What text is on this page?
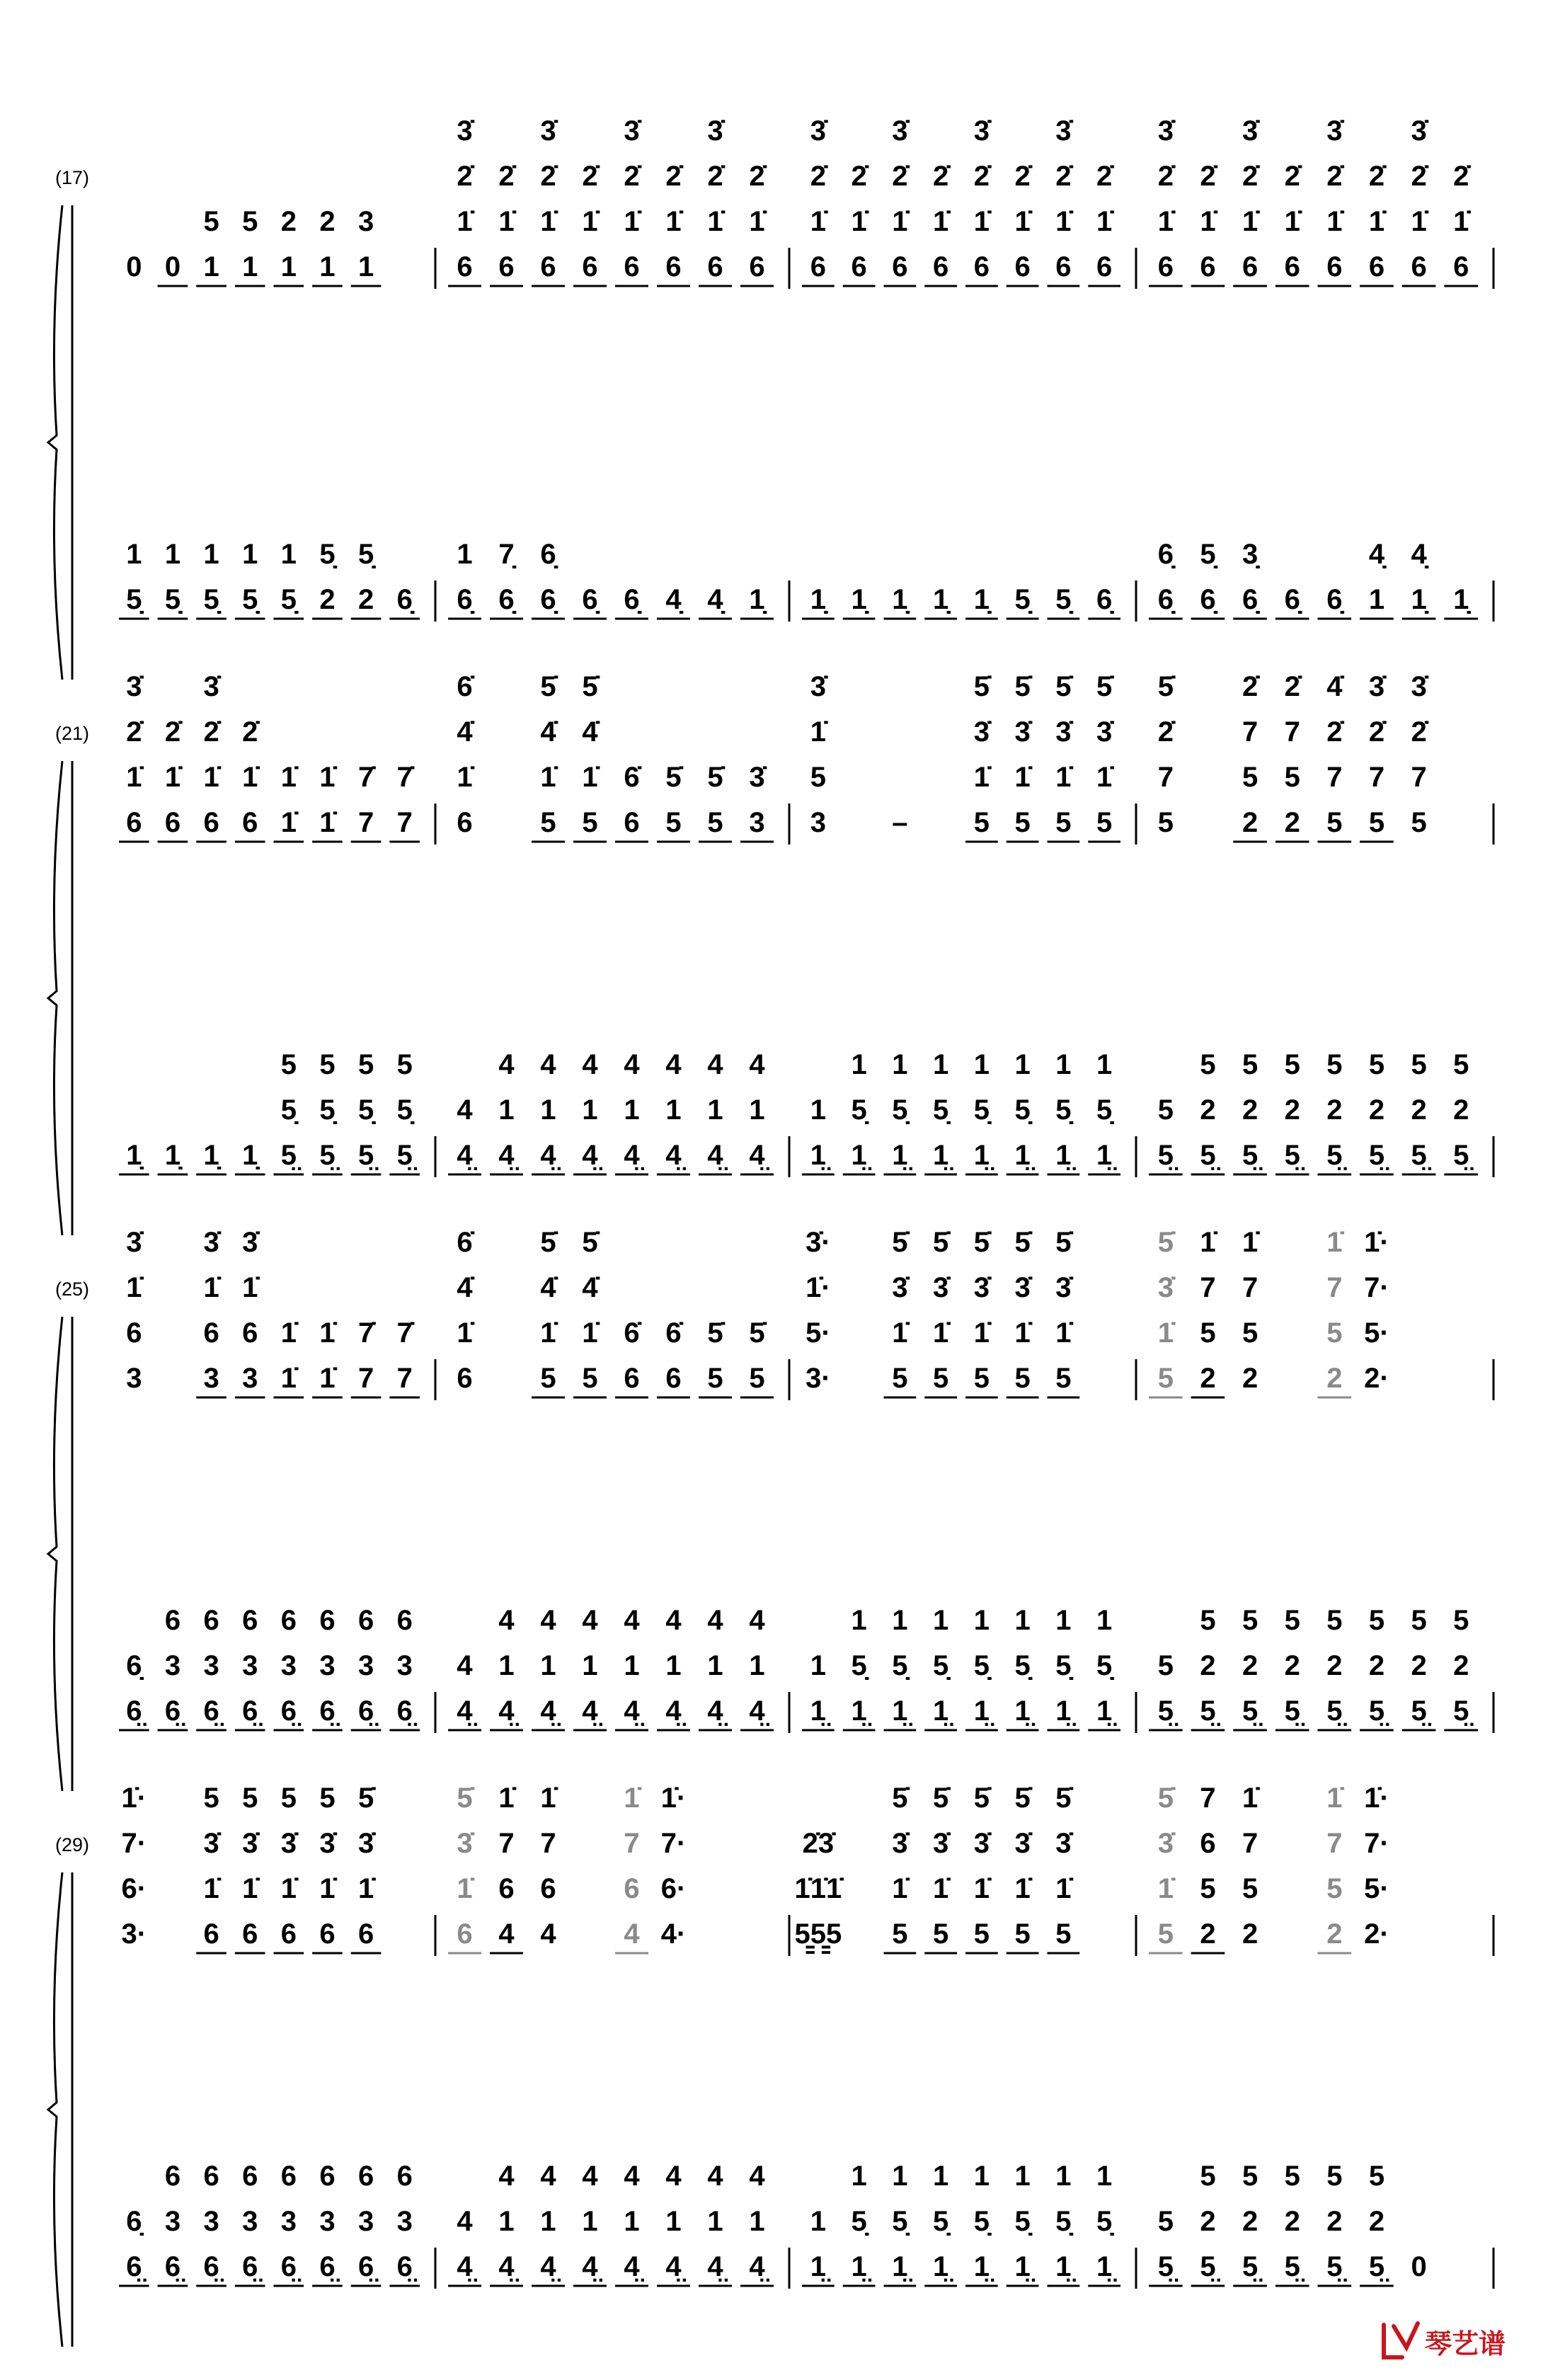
(17)
0 0 1
5
1
5
1
2
1
2
1
3
6
1̇
2̇
3̇
6
1̇
2̇
6
1̇
2̇
3̇
6
1̇
2̇
6
1̇
2̇
3̇
6
1̇
2̇
6
1̇
2̇
3̇
6
1̇
2̇
6
1̇
2̇
3̇
6
1̇
2̇
6
1̇
2̇
3̇
6
1̇
2̇
6
1̇
2̇
3̇
6
1̇
2̇
6
1̇
2̇
3̇
6
1̇
2̇
6
1̇
2̇
3̇
6
1̇
2̇
6
1̇
2̇
3̇
6
1̇
2̇
6
1̇
2̇
3̇
6
1̇
2̇
6
1̇
2̇
3̇
6
1̇
2̇
5̣
1
5̣
1
5̣
1
5̣
1
5̣
1
2
5̣
2
5̣
6̣ 6̣
1
6̣
7̣
6̣
6̣
6̣ 6̣ 4̣ 4̣ 1̣ 1̣ 1̣ 1̣ 1̣ 1̣ 5̣ 5̣ 6̣ 6̣
6̣
6̣
5̣
6̣
3̣
6̣ 6̣ 1
4̣
1̣
4̣
1̣
(21)
6
1̇
2̇
3̇
6
1̇
2̇
6
1̇
2̇
3̇
6
1̇
2̇
1̇
1̇
1̇
1̇
7
7̇
7
7̇
6
1̇
4̇
6̇
5
1̇
4̇
5̇
5
1̇
4̇
5̇
6
6̇
5
5̇
5
5̇
3
3̇
3
5
1̇
3̇
– 5
1̇
3̇
5̇
5
1̇
3̇
5̇
5
1̇
3̇
5̇
5
1̇
3̇
5̇
5
7
2̇
5̇
2
5
7
2̇
2
5
7
2̇
5
7
2̇
4̇
5
7
2̇
3̇
5
7
2̇
3̇
1̣ 1̣ 1̣ 1̣ 5̤
5̣
5
5̤
5̣
5
5̤
5̣
5
5̤
5̣
5
4̤
4
4̤
1
4
4̤
1
4
4̤
1
4
4̤
1
4
4̤
1
4
4̤
1
4
4̤
1
4
1̤
1
1̤
5̣
1
1̤
5̣
1
1̤
5̣
1
1̤
5̣
1
1̤
5̣
1
1̤
5̣
1
1̤
5̣
1
5̤
5
5̤
2
5
5̤
2
5
5̤
2
5
5̤
2
5
5̤
2
5
5̤
2
5
5̤
2
5
(25)
3
6
1̇
3̇
3
6
1̇
3̇
3
6
1̇
3̇
1̇
1̇
1̇
1̇
7
7̇
7
7̇
6
1̇
4̇
6̇
5
1̇
4̇
5̇
5
1̇
4̇
5̇
6
6̇
6
6̇
5
5̇
5
5̇
3·
5·
1̇·
3̇·
5
1̇
3̇
5̇
5
1̇
3̇
5̇
5
1̇
3̇
5̇
5
1̇
3̇
5̇
5
1̇
3̇
5̇
5
1̇
3̇
5̇
2
5
7
1̇
2
5
7
1̇
2
5
7
1̇
2·
5·
7·
1̇·
6̤
6̣
6̤
3
6
6̤
3
6
6̤
3
6
6̤
3
6
6̤
3
6
6̤
3
6
6̤
3
6
4̤
4
4̤
1
4
4̤
1
4
4̤
1
4
4̤
1
4
4̤
1
4
4̤
1
4
4̤
1
4
1̤
1
1̤
5̣
1
1̤
5̣
1
1̤
5̣
1
1̤
5̣
1
1̤
5̣
1
1̤
5̣
1
1̤
5̣
1
5̤
5
5̤
2
5
5̤
2
5
5̤
2
5
5̤
2
5
5̤
2
5
5̤
2
5
5̤
2
5
(29)
3·
6·
7·
1̇·
6
1̇
3̇
5
6
1̇
3̇
5
6
1̇
3̇
5
6
1̇
3̇
5
6
1̇
3̇
5̇
6
1̇
3̇
5̇
4
6
7
1̇
4
6
7
1̇
4
6
7
1̇
4·
6·
7·
1̇·
5̳5̳5
1̇1̇1̇
2̇3̇
5
1̇
3̇
5̇
5
1̇
3̇
5̇
5
1̇
3̇
5̇
5
1̇
3̇
5̇
5
1̇
3̇
5̇
5
1̇
3̇
5̇
2
5
6
7
2
5
7
1̇
2
5
7
1̇
2·
5·
7·
1̇·
6̤
6̣
6̤
3
6
6̤
3
6
6̤
3
6
6̤
3
6
6̤
3
6
6̤
3
6
6̤
3
6
4̤
4
4̤
1
4
4̤
1
4
4̤
1
4
4̤
1
4
4̤
1
4
4̤
1
4
4̤
1
4
1̤
1
1̤
5̣
1
1̤
5̣
1
1̤
5̣
1
1̤
5̣
1
1̤
5̣
1
1̤
5̣
1
1̤
5̣
1
5̤
5
5̤
2
5
5̤
2
5
5̤
2
5
5̤
2
5
5̤
2
5
0
琴艺谱
